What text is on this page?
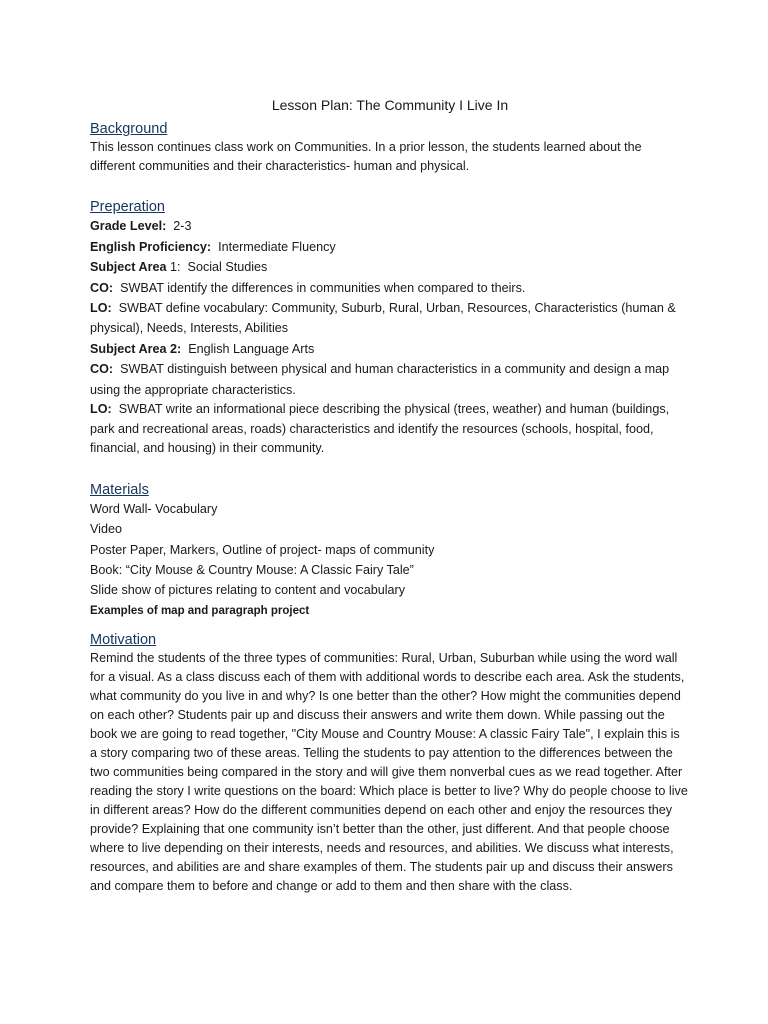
Lesson Plan: The Community I Live In

Background

This lesson continues class work on Communities. In a prior lesson, the students learned about the different communities and their characteristics- human and physical.

Preperation

Grade Level: 2-3

English Proficiency: Intermediate Fluency

Subject Area 1: Social Studies

CO: SWBAT identify the differences in communities when compared to theirs.

LO: SWBAT define vocabulary: Community, Suburb, Rural, Urban, Resources, Characteristics (human & physical), Needs, Interests, Abilities

Subject Area 2: English Language Arts

CO: SWBAT distinguish between physical and human characteristics in a community and design a map using the appropriate characteristics.

LO: SWBAT write an informational piece describing the physical (trees, weather) and human (buildings, park and recreational areas, roads) characteristics and identify the resources (schools, hospital, food, financial, and housing) in their community.

Materials

Word Wall- Vocabulary

Video

Poster Paper, Markers, Outline of project- maps of community

Book: “City Mouse & Country Mouse: A Classic Fairy Tale”

Slide show of pictures relating to content and vocabulary

Examples of map and paragraph project

Motivation

Remind the students of the three types of communities: Rural, Urban, Suburban while using the word wall for a visual. As a class discuss each of them with additional words to describe each area. Ask the students, what community do you live in and why? Is one better than the other? How might the communities depend on each other? Students pair up and discuss their answers and write them down. While passing out the book we are going to read together, "City Mouse and Country Mouse: A classic Fairy Tale", I explain this is a story comparing two of these areas. Telling the students to pay attention to the differences between the two communities being compared in the story and will give them nonverbal cues as we read together. After reading the story I write questions on the board: Which place is better to live? Why do people choose to live in different areas? How do the different communities depend on each other and enjoy the resources they provide? Explaining that one community isn’t better than the other, just different. And that people choose where to live depending on their interests, needs and resources, and abilities. We discuss what interests, resources, and abilities are and share examples of them. The students pair up and discuss their answers and compare them to before and change or add to them and then share with the class.
